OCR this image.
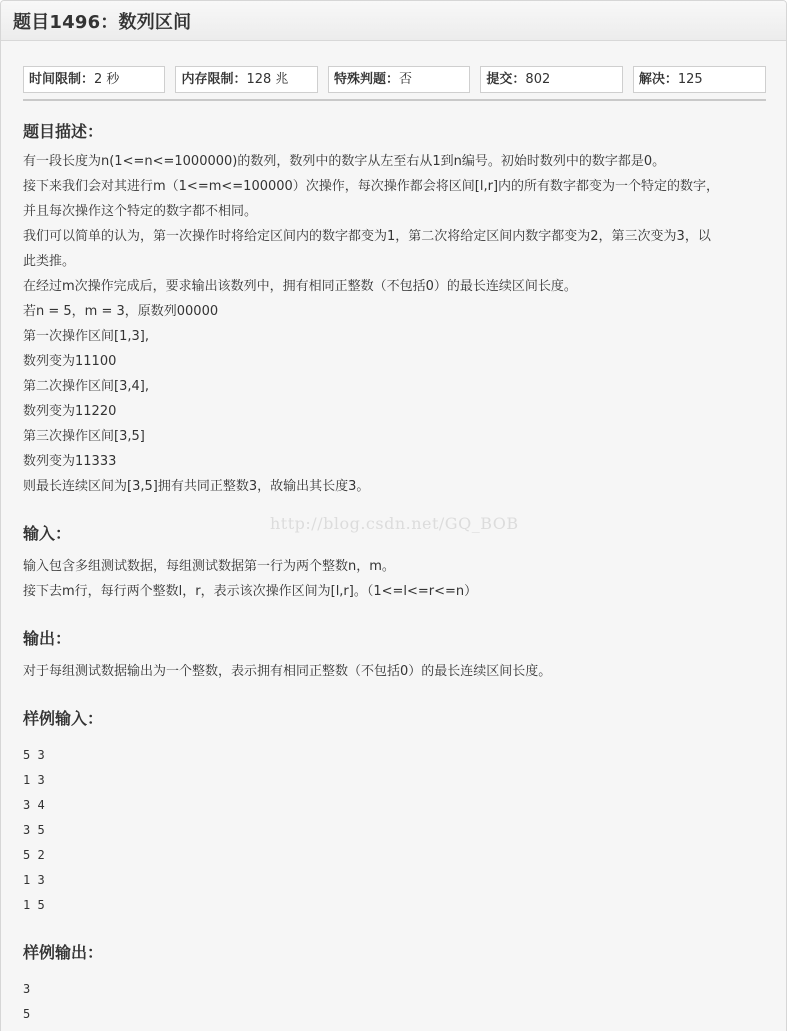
题目1496：数列区间
时间限制：2 秒	内存限制：128 兆	特殊判题：否	提交：802	解决：125
题目描述：

有一段长度为n(1<=n<=1000000)的数列，数列中的数字从左至右从1到n编号。初始时数列中的数字都是0。

接下来我们会对其进行m（1<=m<=100000）次操作，每次操作都会将区间[l,r]内的所有数字都变为一个特定的数字，

并且每次操作这个特定的数字都不相同。

我们可以简单的认为，第一次操作时将给定区间内的数字都变为1，第二次将给定区间内数字都变为2，第三次变为3，以

此类推。

在经过m次操作完成后，要求输出该数列中，拥有相同正整数（不包括0）的最长连续区间长度。

若n = 5，m = 3，原数列00000

第一次操作区间[1,3],

数列变为11100

第二次操作区间[3,4],

数列变为11220

第三次操作区间[3,5]

数列变为11333

则最长连续区间为[3,5]拥有共同正整数3，故输出其长度3。

输入：

输入包含多组测试数据，每组测试数据第一行为两个整数n，m。

接下去m行，每行两个整数l，r，表示该次操作区间为[l,r]。（1<=l<=r<=n）

输出：

对于每组测试数据输出为一个整数，表示拥有相同正整数（不包括0）的最长连续区间长度。

样例输入：

5 3

1 3

3 4

3 5

5 2

1 3

1 5

样例输出：

3

5

http://blog.csdn.net/GQ_BOB
